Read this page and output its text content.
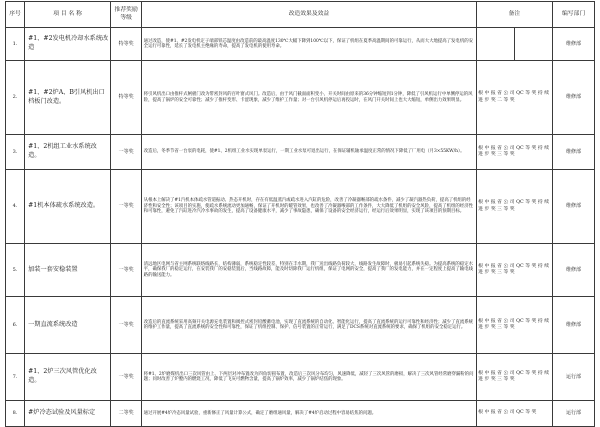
序号	项 目 名 称	推荐奖励等级	改造效果及效益	备注		编写部门
1.	#1、#2发电机冷却水系统改造	特等奖	通过改造，使#1、#2发电机定子端部铁芯温度由改造前的最高温度130℃大幅下降到100℃以下，保证了机组在夏季高温期间的可靠运行，从而大大地提高了发电机的安全运行可靠性，延长了发电机主绝缘的寿命，提高了发电机的使用寿命。			维修部
2.	#1、#2炉A、B引风机出口档板门改造。	特等奖	将引风机出口由推杆式闸板门改为带密封风的百叶窗式风门。改造后，由于风门截面面积变小，开关时间由原来的36分钟缩短到1分钟，降低了引风机运行中单侧停运的风险，提高了锅炉的安全可靠性；减少了推杆变形、卡涩现象，减少了维护工作量；对一台引风机停运后再投运时，在风门开关时间上也大大缩短，单侧出力效果明显。	根 中 报 省 公 司 QC 等 奖 持 续 进 步 奖 二 等 奖		维修部
3.	#1、2机组工业水系统改造。	一等奖	改造后，冬季节省一台泵的电耗，使#1、2机组工业水实现单泵运行，一期工业水泵可退出运行，在保证辅机轴承温度正常的情况下降低了厂用电（月3×55KW/h）。	根 中 报 省 公 司 QC 等 奖 持 续 进 步 奖 三 等 奖		维修部
4.	#1机本体疏水系统改造。	一等奖	从根本上解决了#1汽机本体疏水管道振动、热态开机时，存在有低温蒸汽或疏水进入汽缸的危险，改善了冷凝器喉部的疏水条件，减少了凝汽器热负荷，提高了机组的经济性和安全性；该项目的实施，使疏水系统流动更加通畅，保证了开机时的暖管效果，也改善了冷凝器喉部的工作条件，大大降低了机组的安全风险，提高了机组的经济性和可靠性，避免了汽缸进冷汽冷水事故的发生，提高了设备健康水平，减少了事故隐患，确保了设备的安全经济运行，经运行后效果明显，实现了该项目的预期目标。	根 中 报 省 公 司 QC 等 奖 持 续 进 步 奖 三 等 奖		维修部
5.	加装一套安稳装置	一等奖	清远地区电网与省主网系统联络线路长，结构薄弱，系统稳定性较差，特别在丰水期，我厂送出线路负荷较大，线路发生故障时，极易引起系统失稳。为提高系统的稳定水平，确保我厂的稳定运行，在安装我厂的安稳装置后，当线路故障，能及时切除我厂运行机组，保证了电网的安全，提高了我厂的发电能力，并在一定程度上提高了输电线路的输送能力。	根 中 报 省 公 司 QC 等 奖 持 续 进 步 奖 三 等 奖		维修部
6.	一期直流系统改造	一等奖	改造后的直流系统采用高频开关电源充电装置和阀控式密封铅酸蓄电池，实现了直流系统的自动化、智能化运行，提高了直流系统的运行可靠性和经济性；减少了直流系统的维护工作量，提高了直流系统的安全性和可靠性，保证了机组控制、保护、信号装置的正常运行，满足了DCS系统对直流系统的要求，确保了机组的安全稳定运行。	根 中 报 省 公 司 QC 等 奖 持 续 进 步 奖 三 等 奖		维修部
7.	#1、2炉三次风管优化改造。	一等奖	将#1、2炉磨煤机出口三次风管由上、下两层对冲布置改为四角切圆布置，改造后三次风分布均匀，风速降低，减轻了三次风管的磨损，解决了三次风管经常磨穿漏粉的问题；同时改善了炉膛内的燃烧工况，降低了飞灰可燃物含量，提高了锅炉效率，减少了锅炉结焦的现象。	根 中 报 省 公 司 QC 等 奖 持 续 进 步 奖 三 等 奖		运行部
8.	#炉冷态试验及风量标定	二等奖	通过开展#4炉冷态风量试验，重新修正了风量计算公式，确定了磨组通风量，解决了#4炉启动过程中容易结焦的问题。	根 中 报 省 公 司 QC 等 奖		运行部
